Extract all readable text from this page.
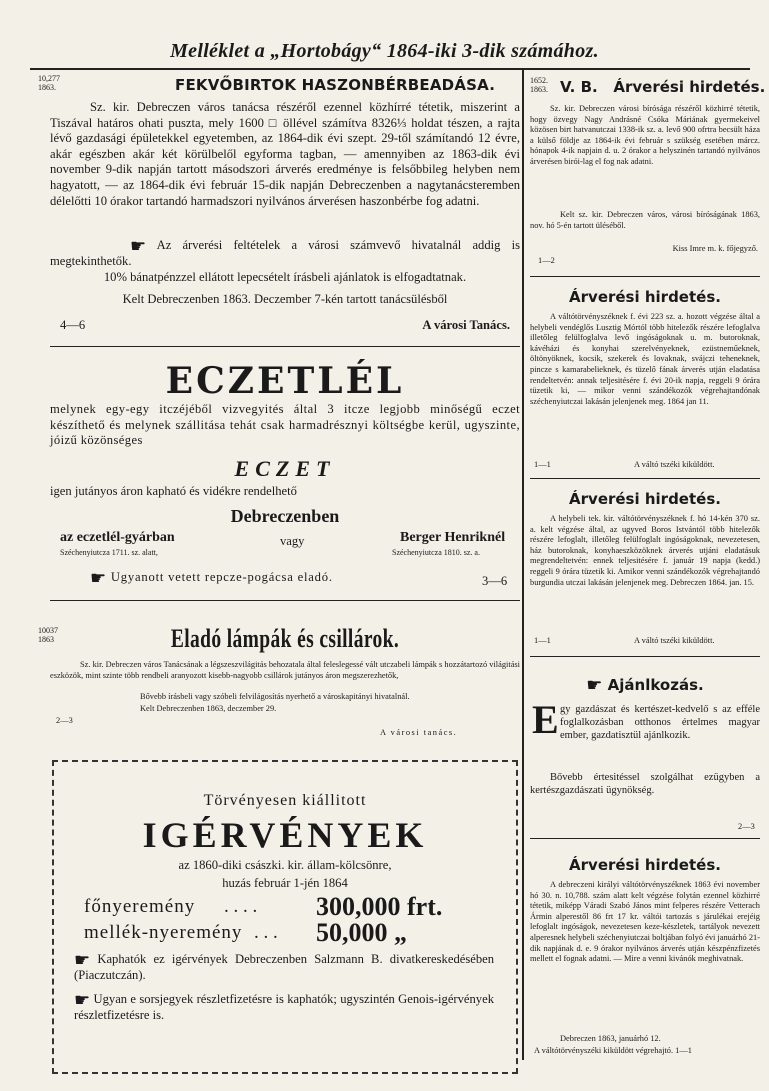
Melléklet a „Hortobágy“ 1864-iki 3-dik számához.
10,277
1863.	FEKVŐBIRTOK HASZONBÉRBEADÁSA.
Sz. kir. Debreczen város tanácsa részéről ezennel közhírré tétetik, miszerint a Tiszával határos ohati puszta, mely 1600 □ öllével számítva 8326⅓ holdat tészen, a rajta lévő gazdasági épületekkel egyetemben, az 1864-dik évi szept. 29-től számítandó 12 évre, akár egészben akár két körülbelől egyforma tagban, — amennyiben az 1863-dik évi november 9-dik napján tartott másodszori árverés eredménye is felsőbbileg helyben nem hagyatott, — az 1864-dik évi február 15-dik napján Debreczenben a nagytanácsteremben délelőtti 10 órakor tartandó harmadszori nyilvános árverésen haszonbérbe fog adatni.
☛ Az árverési feltételek a városi számvevő hivatalnál addig is megtekinthetők.
10% bánatpénzzel ellátott lepecsételt írásbeli ajánlatok is elfogadtatnak.
Kelt Debreczenben 1863. Deczember 7-kén tartott tanácsülésből
4—6	A városi Tanács.
ECZETLÉL
melynek egy-egy itczéjéből vizvegyités által 3 itcze legjobb minőségű eczet készíthető és melynek szállitása tehát csak harmadrésznyi költségbe kerül, ugyszinte, jóizű közönséges
ECZET
igen jutányos áron kapható és vidékre rendelhető
Debreczenben
az eczetlél-gyárban
Széchenyiutcza 1711. sz. alatt,
vagy	Berger Henriknél
Széchenyiutcza 1810. sz. a.
☛ Ugyanott vetett repcze-pogácsa eladó.	3—6
10037
1863	Eladó lámpák és csillárok.
Sz. kir. Debreczen város Tanácsának a légszeszvilágitás behozatala által feleslegessé vált utczabeli lámpák s hozzátartozó világitási eszközök, mint szinte több rendbeli aranyozott kisebb-nagyobb csillárok jutányos áron megszerezhetők,
Bővebb írásbeli vagy szóbeli felvilágosítás nyerhető a városkapitányi hivatalnál.
Kelt Debreczenben 1863, deczember 29.
2—3
A városi tanács.
Törvényesen kiállitott
IGÉRVÉNYEK
az 1860-diki császki. kir. állam-kölcsönre,
huzás február 1-jén 1864
főnyeremény . . . . 300,000 frt.
mellék-nyeremény . . . 50,000 „
☛ Kaphatók ez igérvények Debreczenben Salzmann B. divatkereskedésében (Piaczutczán).
☛ Ugyan e sorsjegyek részletfizetésre is kaphatók; ugyszintén Genois-igérvények részletfizetésre is.
1652.
1863. V. B.   Árverési hirdetés.
Sz. kir. Debreczen városi bírósága részéről közhirré tétetik, hogy özvegy Nagy Andrásné Csóka Máriának gyermekeivel közösen birt hatvanutczai 1338-ik sz. a. levő 900 ofrtra becsült háza a külső földje az 1864-ik évi február s szükség esetében márcz. hónapok 4-ik napjain d. u. 2 órakor a helyszinén tartandó nyilvános árverésen birói-lag el fog nak adatni.
Kelt sz. kir. Debreczen város, városi bíróságának 1863, nov. hó 5-én tartott üléséből.
1—2
Kiss Imre m. k. főjegyző.
Árverési hirdetés.
A váltótörvényszéknek f. évi 223 sz. a. hozott végzése által a helybeli vendéglős Lusztig Mórtól több hitelezők részére lefoglalva illetőleg felülfoglalva levő ingóságoknak u. m. butoroknak, kávéházi és konyhai szerelvényeknek, ezüstneműeknek, öltönyöknek, kocsik, szekerek és lovaknak, svájczi teheneknek, pincze s kamarabelieknek, és tüzelő fának árverés utján eladatása rendeltetvén: annak teljesitésére f. évi 20-ik napja, reggeli 9 órára tüzetik ki, — mikor venni szándékozók végrehajtandónak széchenyiutczai lakásán jelenjenek meg. 1864 jan 11.
1—1	A váltó tszéki kiküldött.
Árverési hirdetés.
A helybeli tek. kir. váltótörvényszéknek f. hó 14-kén 370 sz. a. kelt végzése által, az ugyved Boros Istvántól több hitelezők részére lefoglalt, illetőleg felülfoglalt ingóságoknak, nevezetesen, ház butoroknak, konyhaeszközöknek árverés utjáni eladatásuk megrendeltetvén: ennek teljesitésére f. január 19 napja (kedd.) reggeli 9 órára tüzetik ki. Amikor venni szándékozók végrehajtandó burgundia utczai lakásán jelenjenek meg. Debreczen 1864. jan. 15.
1—1	A váltó tszéki kiküldött.
☛ Ajánlkozás.
E gy gazdászat és kertészet-kedvelő s az efféle foglalkozásban otthonos értelmes magyar ember, gazdatisztül ajánlkozik.
Bővebb értesitéssel szolgálhat ezügyben a kertészgazdászati ügynökség.
2—3
Árverési hirdetés.
A debreczeni királyi váltótörvényszéknek 1863 évi november hó 30. n. 10,788. szám alatt kelt végzése folytán ezennel közhirré tétetik, miképp Váradi Szabó János mint felperes részére Vetterach Ármin alperestől 86 frt 17 kr. váltói tartozás s járulékai erejéig lefoglalt ingóságok, nevezetesen keze-készletek, tartályok nevezett alperesnek helybeli széchenyiutczai boltjában folyó évi januárhó 21-dik napjának d. e. 9 órakor nyilvános árverés utján készpénzfizetés mellett el fognak adatni. — Mire a venni kivánók meghivatnak.
Debreczen 1863, januárhó 12.
A váltótörvényszéki kiküldött végrehajtó. 1—1
